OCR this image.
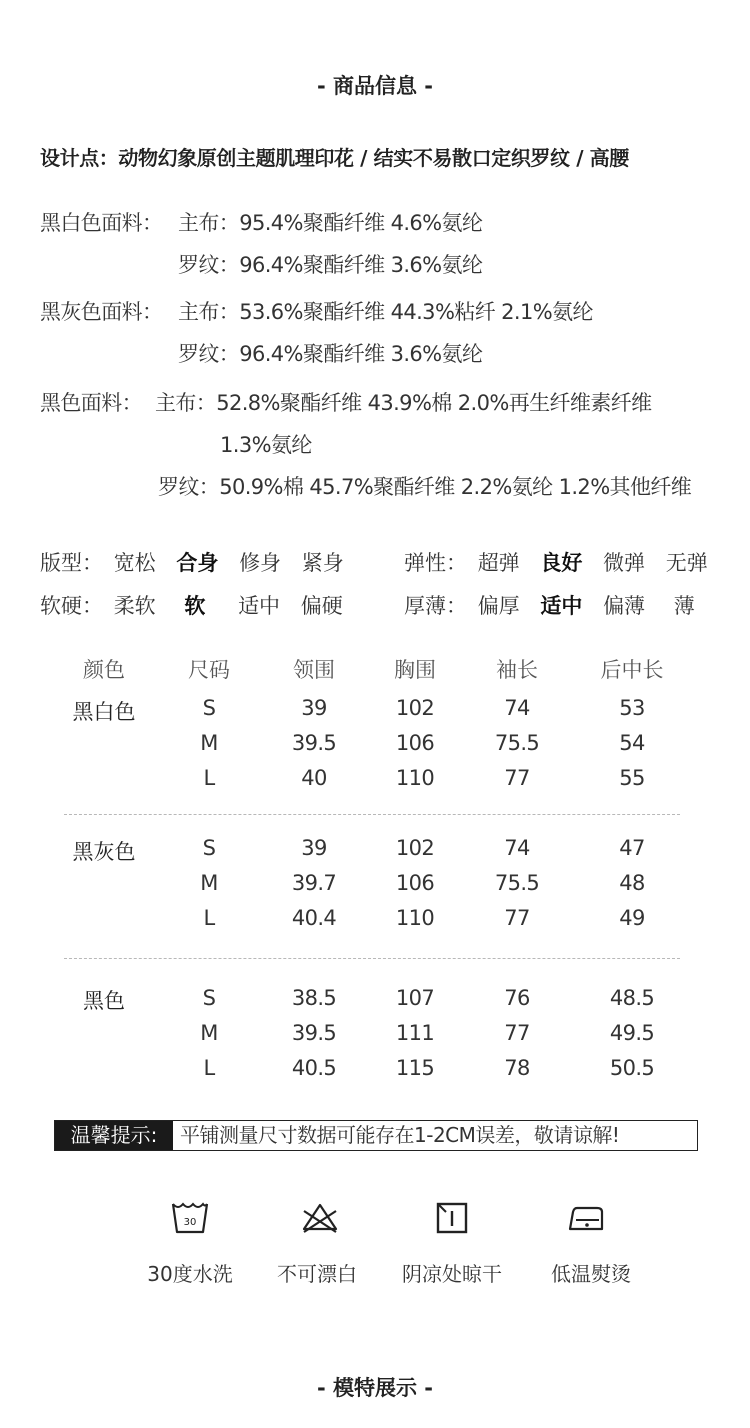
- 商品信息 -
设计点：动物幻象原创主题肌理印花 / 结实不易散口定织罗纹 / 高腰
黑白色面料： 主布：95.4%聚酯纤维 4.6%氨纶
罗纹：96.4%聚酯纤维 3.6%氨纶
黑灰色面料： 主布：53.6%聚酯纤维 44.3%粘纤 2.1%氨纶
罗纹：96.4%聚酯纤维 3.6%氨纶
黑色面料： 主布：52.8%聚酯纤维 43.9%棉 2.0%再生纤维素纤维
1.3%氨纶
罗纹：50.9%棉 45.7%聚酯纤维 2.2%氨纶 1.2%其他纤维
版型： 宽松 合身 修身 紧身	弹性： 超弹 良好 微弹 无弹
软硬： 柔软 软 适中 偏硬	厚薄： 偏厚 适中 偏薄 薄
颜色	尺码	领围	胸围	袖长	后中长
黑白色	S	39	102	74	53
M	39.5	106	75.5	54
L	40	110	77	55
黑灰色	S	39	102	74	47
M	39.7	106	75.5	48
L	40.4	110	77	49
黑色	S	38.5	107	76	48.5
M	39.5	111	77	49.5
L	40.5	115	78	50.5
温馨提示:	平铺测量尺寸数据可能存在1-2CM误差，敬请谅解!
30
30度水洗	不可漂白	阴凉处晾干	低温熨烫
- 模特展示 -
